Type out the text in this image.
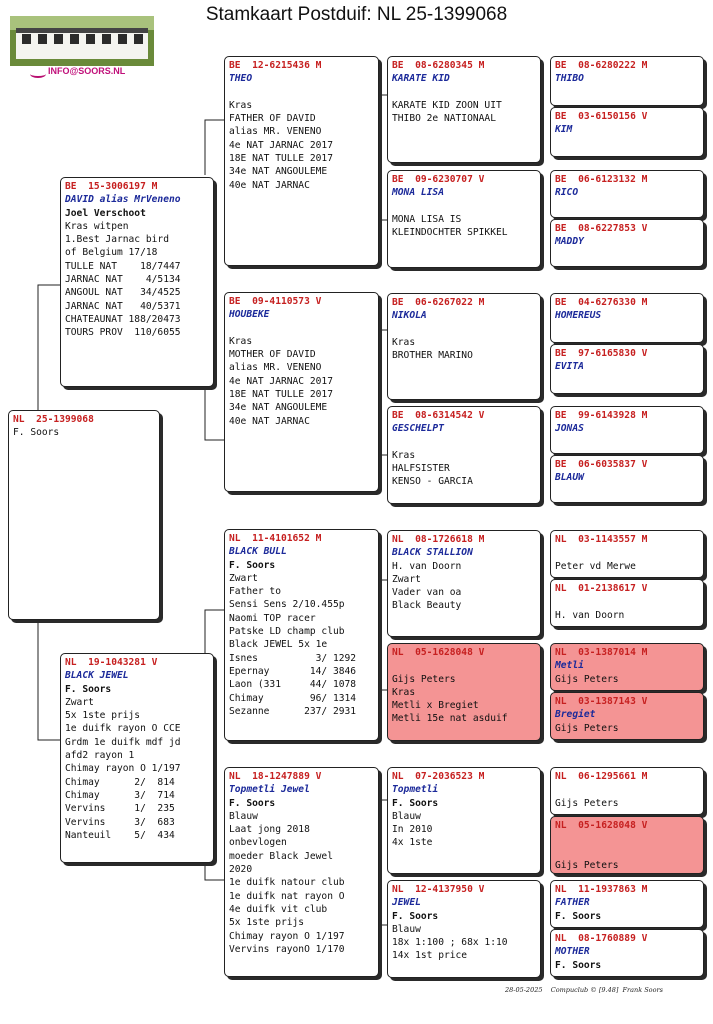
Stamkaart Postduif: NL 25-1399068
INFO@SOORS.NL
NL  25-1399068
F. Soors
BE  15-3006197 M
DAVID alias MrVeneno
Joel Verschoot
Kras witpen
1.Best Jarnac bird
of Belgium 17/18
TULLE NAT    18/7447
JARNAC NAT    4/5134
ANGOUL NAT   34/4525
JARNAC NAT   40/5371
CHATEAUNAT 188/20473
TOURS PROV  110/6055
NL  19-1043281 V
BLACK JEWEL
F. Soors
Zwart
5x 1ste prijs
1e duifk rayon O CCE
Grdm 1e duifk mdf jd
afd2 rayon 1
Chimay rayon O 1/197
Chimay      2/  814
Chimay      3/  714
Vervins     1/  235
Vervins     3/  683
Nanteuil    5/  434
BE  12-6215436 M
THEO
Kras
FATHER OF DAVID
alias MR. VENENO
4e NAT JARNAC 2017
18E NAT TULLE 2017
34e NAT ANGOULEME
40e NAT JARNAC
BE  09-4110573 V
HOUBEKE
Kras
MOTHER OF DAVID
alias MR. VENENO
4e NAT JARNAC 2017
18E NAT TULLE 2017
34e NAT ANGOULEME
40e NAT JARNAC
NL  11-4101652 M
BLACK BULL
F. Soors
Zwart
Father to
Sensi Sens 2/10.455p
Naomi TOP racer
Patske LD champ club
Black JEWEL 5x 1e
Isnes          3/ 1292
Epernay       14/ 3846
Laon (331     44/ 1078
Chimay        96/ 1314
Sezanne      237/ 2931
NL  18-1247889 V
Topmetli Jewel
F. Soors
Blauw
Laat jong 2018
onbevlogen
moeder Black Jewel
2020
1e duifk natour club
1e duifk nat rayon O
4e duifk vit club
5x 1ste prijs
Chimay rayon O 1/197
Vervins rayonO 1/170
BE  08-6280345 M
KARATE KID
KARATE KID ZOON UIT
THIBO 2e NATIONAAL
BE  09-6230707 V
MONA LISA
MONA LISA IS
KLEINDOCHTER SPIKKEL
BE  06-6267022 M
NIKOLA
Kras
BROTHER MARINO
BE  08-6314542 V
GESCHELPT
Kras
HALFSISTER
KENSO - GARCIA
NL  08-1726618 M
BLACK STALLION
H. van Doorn
Zwart
Vader van oa
Black Beauty
NL  05-1628048 V
Gijs Peters
Kras
Metli x Bregiet
Metli 15e nat asduif
NL  07-2036523 M
Topmetli
F. Soors
Blauw
In 2010
4x 1ste
NL  12-4137950 V
JEWEL
F. Soors
Blauw
18x 1:100 ; 68x 1:10
14x 1st price
BE  08-6280222 M
THIBO
BE  03-6150156 V
KIM
BE  06-6123132 M
RICO
BE  08-6227853 V
MADDY
BE  04-6276330 M
HOMEREUS
BE  97-6165830 V
EVITA
BE  99-6143928 M
JONAS
BE  06-6035837 V
BLAUW
NL  03-1143557 M
Peter vd Merwe
NL  01-2138617 V
H. van Doorn
NL  03-1387014 M
Metli
Gijs Peters
NL  03-1387143 V
Bregiet
Gijs Peters
NL  06-1295661 M
Gijs Peters
NL  05-1628048 V
Gijs Peters
NL  11-1937863 M
FATHER
F. Soors
NL  08-1760889 V
MOTHER
F. Soors
28-05-2025    Compuclub © [9.48]  Frank Soors
